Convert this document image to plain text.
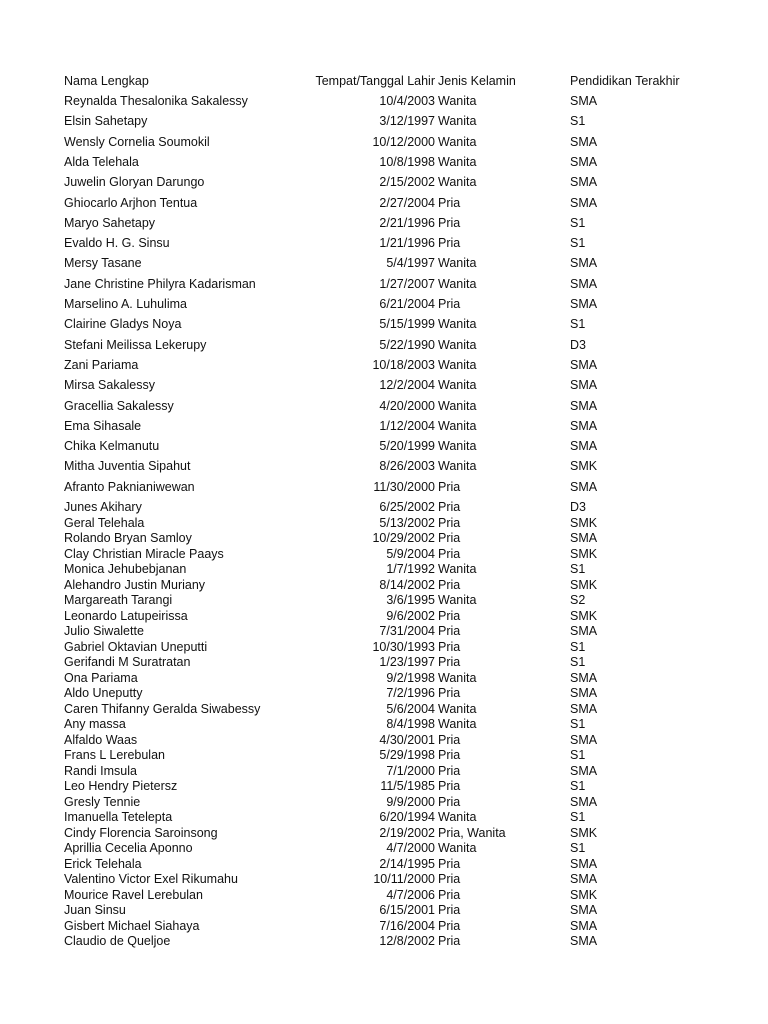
Nama Lengkap	Tempat/Tanggal Lahir Jenis Kelamin	Pendidikan Terakhir
Reynalda Thesalonika Sakalessy	10/4/2003 Wanita	SMA
Elsin Sahetapy	3/12/1997 Wanita	S1
Wensly Cornelia Soumokil	10/12/2000 Wanita	SMA
Alda Telehala	10/8/1998 Wanita	SMA
Juwelin Gloryan Darungo	2/15/2002 Wanita	SMA
Ghiocarlo Arjhon Tentua	2/27/2004 Pria	SMA
Maryo Sahetapy	2/21/1996 Pria	S1
Evaldo H. G. Sinsu	1/21/1996 Pria	S1
Mersy Tasane	5/4/1997 Wanita	SMA
Jane Christine Philyra Kadarisman	1/27/2007 Wanita	SMA
Marselino A. Luhulima	6/21/2004 Pria	SMA
Clairine Gladys Noya	5/15/1999 Wanita	S1
Stefani Meilissa Lekerupy	5/22/1990 Wanita	D3
Zani Pariama	10/18/2003 Wanita	SMA
Mirsa Sakalessy	12/2/2004 Wanita	SMA
Gracellia Sakalessy	4/20/2000 Wanita	SMA
Ema Sihasale	1/12/2004 Wanita	SMA
Chika Kelmanutu	5/20/1999 Wanita	SMA
Mitha Juventia Sipahut	8/26/2003 Wanita	SMK
Afranto Paknianiwewan	11/30/2000 Pria	SMA
Junes Akihary	6/25/2002 Pria	D3
Geral Telehala	5/13/2002 Pria	SMK
Rolando Bryan Samloy	10/29/2002 Pria	SMA
Clay Christian Miracle Paays	5/9/2004 Pria	SMK
Monica Jehubebjanan	1/7/1992 Wanita	S1
Alehandro Justin Muriany	8/14/2002 Pria	SMK
Margareath Tarangi	3/6/1995 Wanita	S2
Leonardo Latupeirissa	9/6/2002 Pria	SMK
Julio Siwalette	7/31/2004 Pria	SMA
Gabriel Oktavian Uneputti	10/30/1993 Pria	S1
Gerifandi M Suratratan	1/23/1997 Pria	S1
Ona Pariama	9/2/1998 Wanita	SMA
Aldo Uneputty	7/2/1996 Pria	SMA
Caren Thifanny Geralda Siwabessy	5/6/2004 Wanita	SMA
Any massa	8/4/1998 Wanita	S1
Alfaldo Waas	4/30/2001 Pria	SMA
Frans L Lerebulan	5/29/1998 Pria	S1
Randi Imsula	7/1/2000 Pria	SMA
Leo Hendry Pietersz	11/5/1985 Pria	S1
Gresly Tennie	9/9/2000 Pria	SMA
Imanuella Tetelepta	6/20/1994 Wanita	S1
Cindy Florencia Saroinsong	2/19/2002 Pria, Wanita	SMK
Aprillia Cecelia Aponno	4/7/2000 Wanita	S1
Erick Telehala	2/14/1995 Pria	SMA
Valentino Victor Exel Rikumahu	10/11/2000 Pria	SMA
Mourice Ravel Lerebulan	4/7/2006 Pria	SMK
Juan Sinsu	6/15/2001 Pria	SMA
Gisbert Michael Siahaya	7/16/2004 Pria	SMA
Claudio de Queljoe	12/8/2002 Pria	SMA
